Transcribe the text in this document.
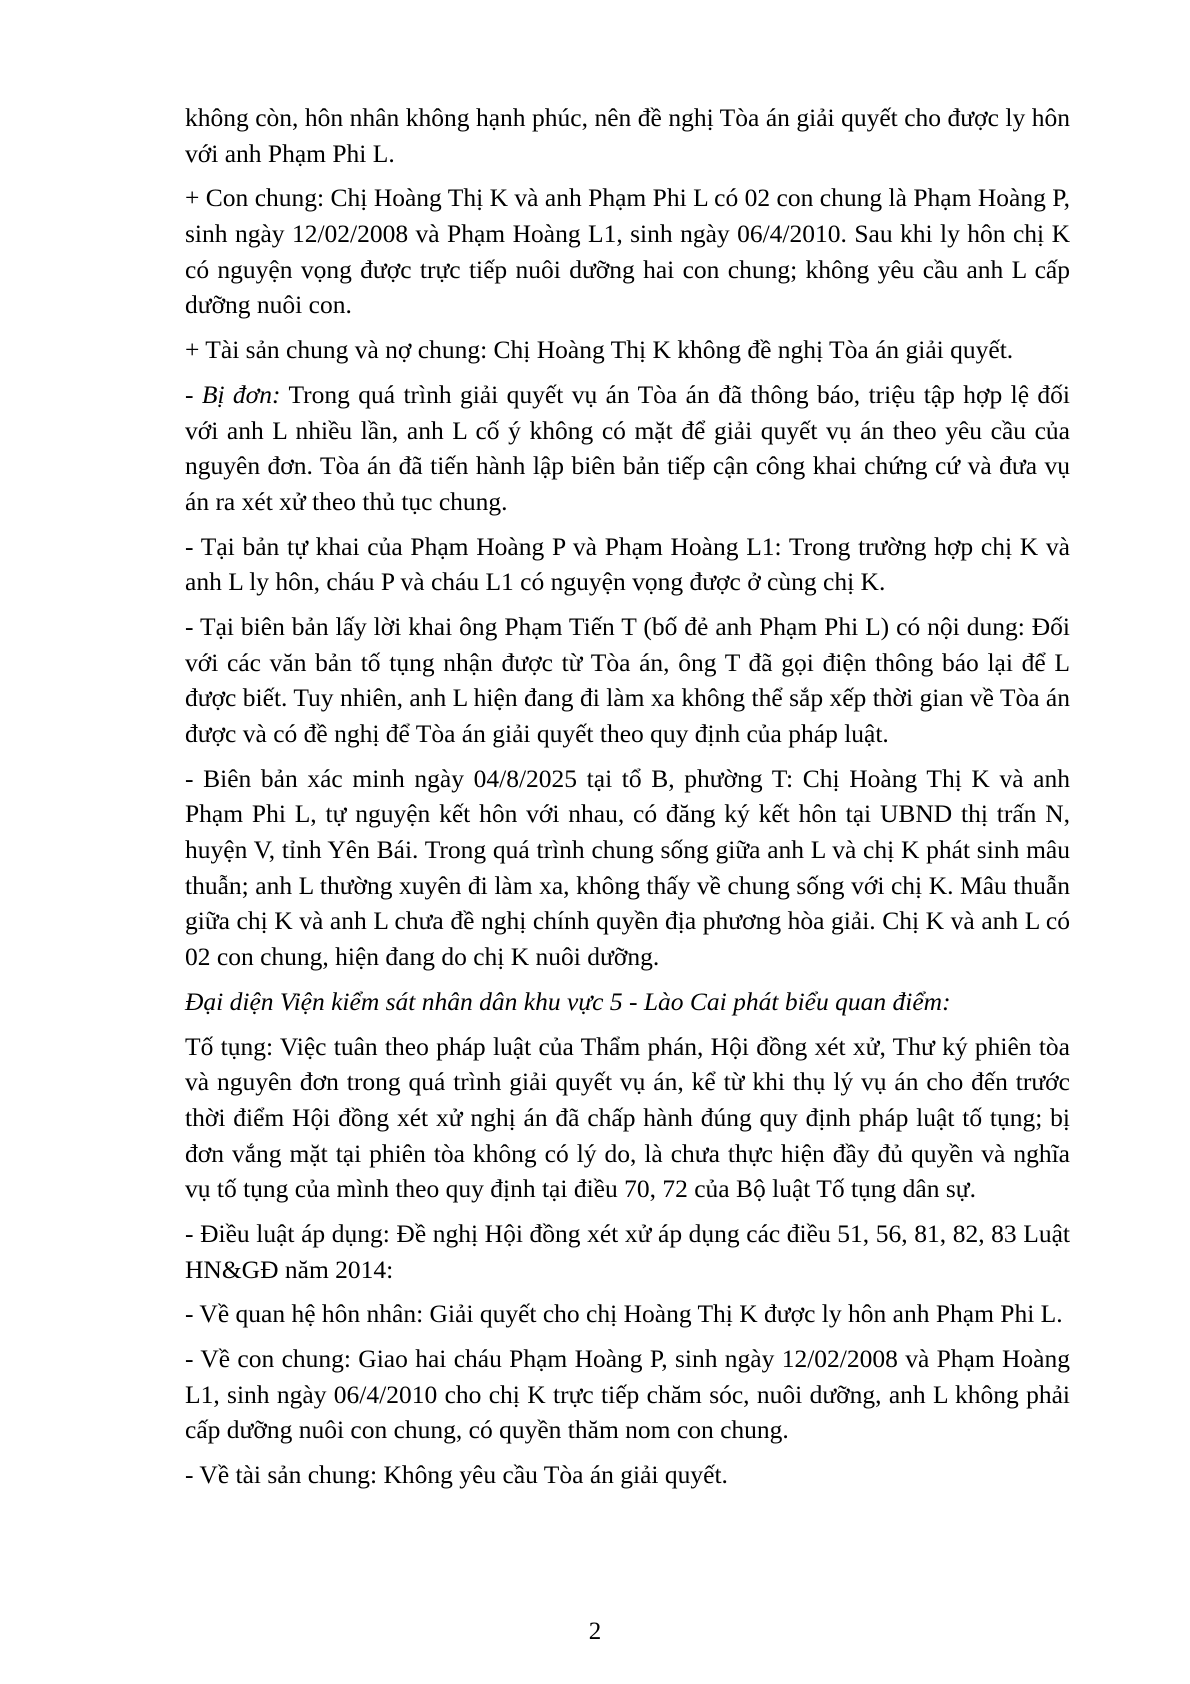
không còn, hôn nhân không hạnh phúc, nên đề nghị Tòa án giải quyết cho được ly hôn với anh Phạm Phi L.

+ Con chung: Chị Hoàng Thị K và anh Phạm Phi L có 02 con chung là Phạm Hoàng P, sinh ngày 12/02/2008 và Phạm Hoàng L1, sinh ngày 06/4/2010. Sau khi ly hôn chị K có nguyện vọng được trực tiếp nuôi dưỡng hai con chung; không yêu cầu anh L cấp dưỡng nuôi con.

+ Tài sản chung và nợ chung: Chị Hoàng Thị K không đề nghị Tòa án giải quyết.

- Bị đơn: Trong quá trình giải quyết vụ án Tòa án đã thông báo, triệu tập hợp lệ đối với anh L nhiều lần, anh L cố ý không có mặt để giải quyết vụ án theo yêu cầu của nguyên đơn. Tòa án đã tiến hành lập biên bản tiếp cận công khai chứng cứ và đưa vụ án ra xét xử theo thủ tục chung.

- Tại bản tự khai của Phạm Hoàng P và Phạm Hoàng L1: Trong trường hợp chị K và anh L ly hôn, cháu P và cháu L1 có nguyện vọng được ở cùng chị K.

- Tại biên bản lấy lời khai ông Phạm Tiến T (bố đẻ anh Phạm Phi L) có nội dung: Đối với các văn bản tố tụng nhận được từ Tòa án, ông T đã gọi điện thông báo lại để L được biết. Tuy nhiên, anh L hiện đang đi làm xa không thể sắp xếp thời gian về Tòa án được và có đề nghị để Tòa án giải quyết theo quy định của pháp luật.

- Biên bản xác minh ngày 04/8/2025 tại tổ B, phường T: Chị Hoàng Thị K và anh Phạm Phi L, tự nguyện kết hôn với nhau, có đăng ký kết hôn tại UBND thị trấn N, huyện V, tỉnh Yên Bái. Trong quá trình chung sống giữa anh L và chị K phát sinh mâu thuẫn; anh L thường xuyên đi làm xa, không thấy về chung sống với chị K. Mâu thuẫn giữa chị K và anh L chưa đề nghị chính quyền địa phương hòa giải. Chị K và anh L có 02 con chung, hiện đang do chị K nuôi dưỡng.

Đại diện Viện kiểm sát nhân dân khu vực 5 - Lào Cai phát biểu quan điểm:

Tố tụng: Việc tuân theo pháp luật của Thẩm phán, Hội đồng xét xử, Thư ký phiên tòa và nguyên đơn trong quá trình giải quyết vụ án, kể từ khi thụ lý vụ án cho đến trước thời điểm Hội đồng xét xử nghị án đã chấp hành đúng quy định pháp luật tố tụng; bị đơn vắng mặt tại phiên tòa không có lý do, là chưa thực hiện đầy đủ quyền và nghĩa vụ tố tụng của mình theo quy định tại điều 70, 72 của Bộ luật Tố tụng dân sự.

- Điều luật áp dụng: Đề nghị Hội đồng xét xử áp dụng các điều 51, 56, 81, 82, 83 Luật HN&GĐ năm 2014:

- Về quan hệ hôn nhân: Giải quyết cho chị Hoàng Thị K được ly hôn anh Phạm Phi L.

- Về con chung: Giao hai cháu Phạm Hoàng P, sinh ngày 12/02/2008 và Phạm Hoàng L1, sinh ngày 06/4/2010 cho chị K trực tiếp chăm sóc, nuôi dưỡng, anh L không phải cấp dưỡng nuôi con chung, có quyền thăm nom con chung.

- Về tài sản chung: Không yêu cầu Tòa án giải quyết.

2
